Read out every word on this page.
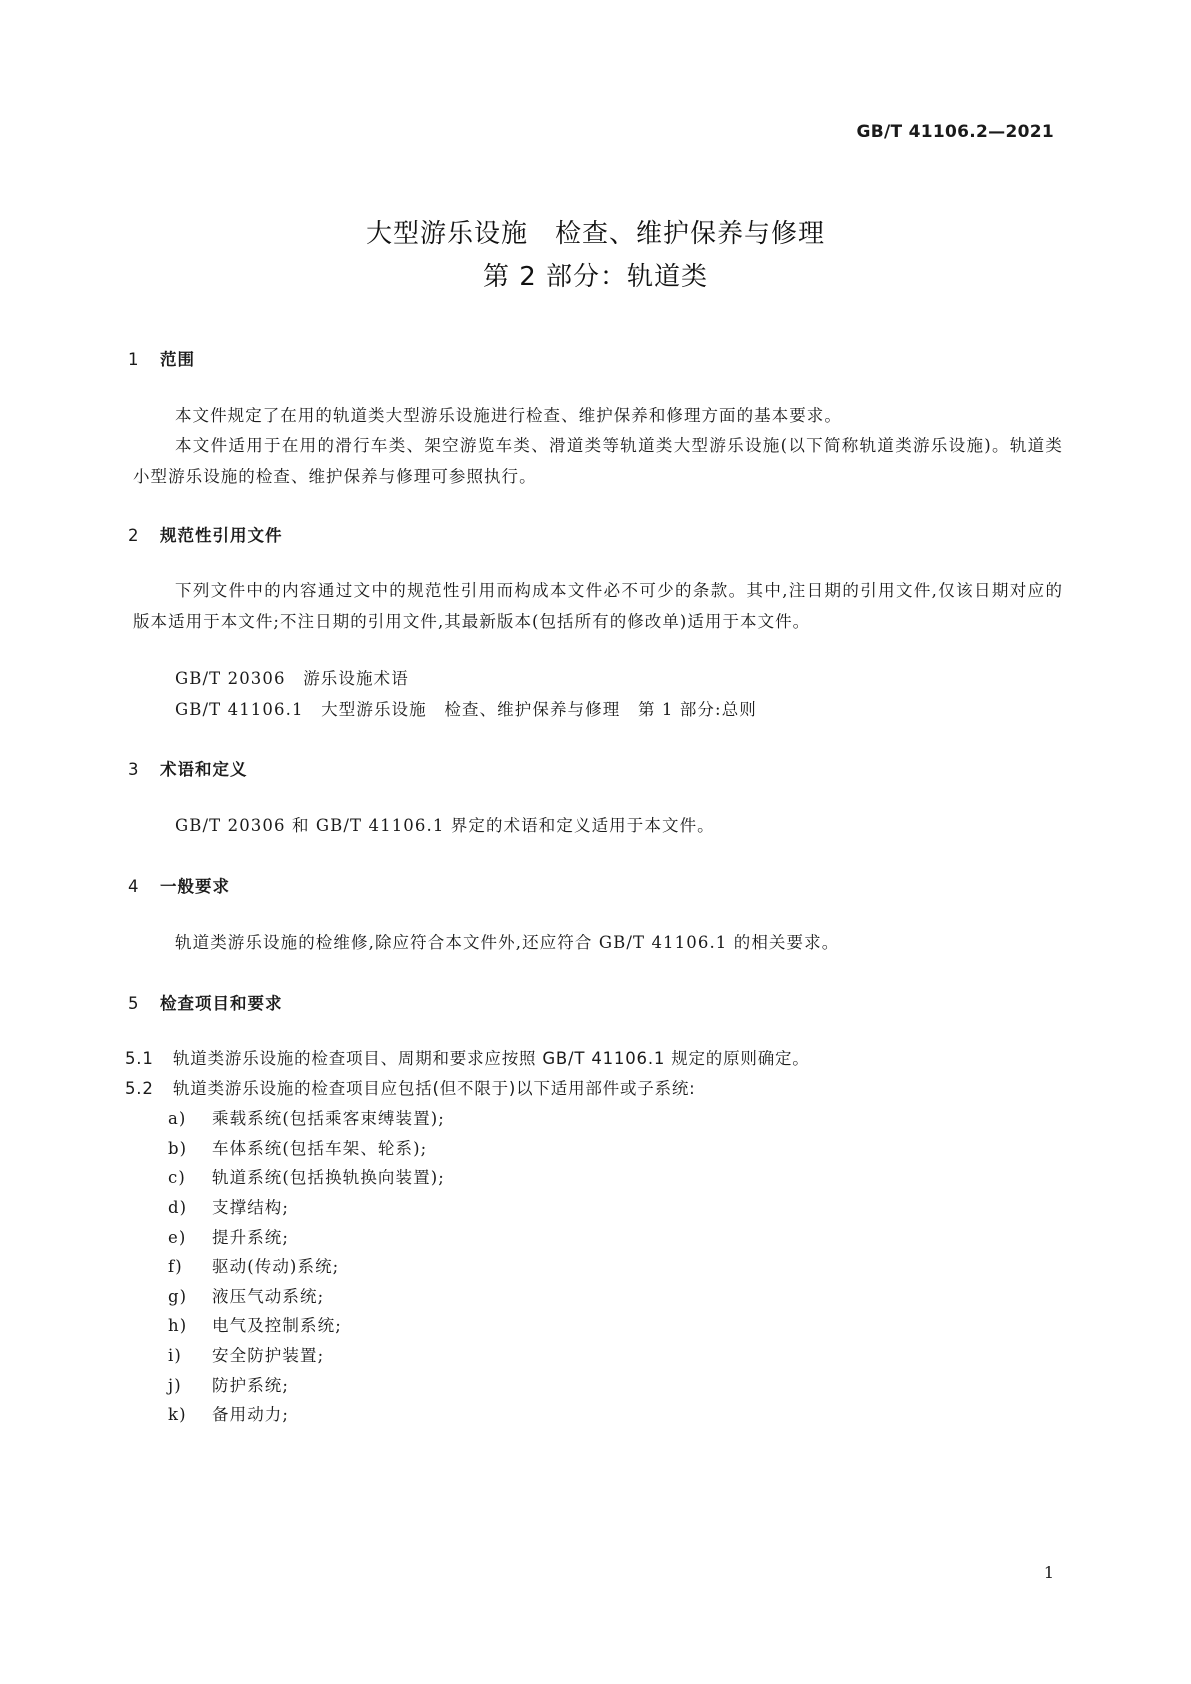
GB/T 41106.2—2021
大型游乐设施　检查、维护保养与修理
第 2 部分：轨道类
1 范围
本文件规定了在用的轨道类大型游乐设施进行检查、维护保养和修理方面的基本要求。
本文件适用于在用的滑行车类、架空游览车类、滑道类等轨道类大型游乐设施(以下简称轨道类游乐设施)。轨道类小型游乐设施的检查、维护保养与修理可参照执行。
2 规范性引用文件
下列文件中的内容通过文中的规范性引用而构成本文件必不可少的条款。其中,注日期的引用文件,仅该日期对应的版本适用于本文件;不注日期的引用文件,其最新版本(包括所有的修改单)适用于本文件。
GB/T 20306　游乐设施术语
GB/T 41106.1　大型游乐设施　检查、维护保养与修理　第 1 部分:总则
3 术语和定义
GB/T 20306 和 GB/T 41106.1 界定的术语和定义适用于本文件。
4 一般要求
轨道类游乐设施的检维修,除应符合本文件外,还应符合 GB/T 41106.1 的相关要求。
5 检查项目和要求
5.1 轨道类游乐设施的检查项目、周期和要求应按照 GB/T 41106.1 规定的原则确定。
5.2 轨道类游乐设施的检查项目应包括(但不限于)以下适用部件或子系统:
a) 乘载系统(包括乘客束缚装置);
b) 车体系统(包括车架、轮系);
c) 轨道系统(包括换轨换向装置);
d) 支撑结构;
e) 提升系统;
f) 驱动(传动)系统;
g) 液压气动系统;
h) 电气及控制系统;
i) 安全防护装置;
j) 防护系统;
k) 备用动力;
1
